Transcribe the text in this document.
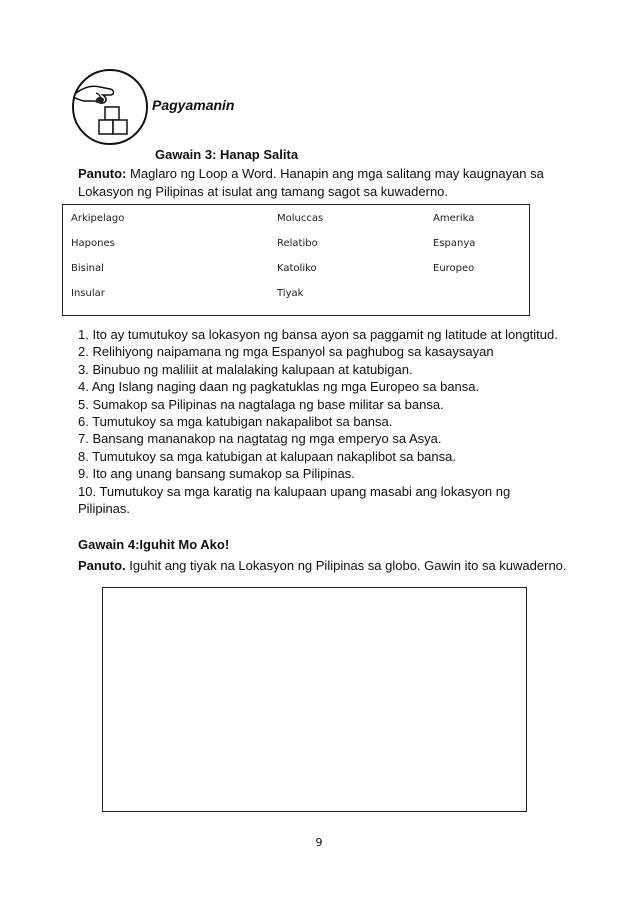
Pagyamanin
Gawain 3: Hanap Salita
Panuto: Maglaro ng Loop a Word. Hanapin ang mga salitang may kaugnayan sa Lokasyon ng Pilipinas at isulat ang tamang sagot sa kuwaderno.
Arkipelago
Hapones
Bisinal
Insular
Moluccas
Relatibo
Katoliko
Tiyak
Amerika
Espanya
Europeo
1. Ito ay tumutukoy sa lokasyon ng bansa ayon sa paggamit ng latitude at longtitud.
2. Relihiyong naipamana ng mga Espanyol sa paghubog sa kasaysayan
3. Binubuo ng maliliit at malalaking kalupaan at katubigan.
4. Ang Islang naging daan ng pagkatuklas ng mga Europeo sa bansa.
5. Sumakop sa Pilipinas na nagtalaga ng base militar sa bansa.
6. Tumutukoy sa mga katubigan nakapalibot sa bansa.
7. Bansang mananakop na nagtatag ng mga emperyo sa Asya.
8. Tumutukoy sa mga katubigan at kalupaan nakaplibot sa bansa.
9. Ito ang unang bansang sumakop sa Pilipinas.
10. Tumutukoy sa mga karatig na kalupaan upang masabi ang lokasyon ng Pilipinas.
Gawain 4:Iguhit Mo Ako!
Panuto. Iguhit ang tiyak na Lokasyon ng Pilipinas sa globo. Gawin ito sa kuwaderno.
9
